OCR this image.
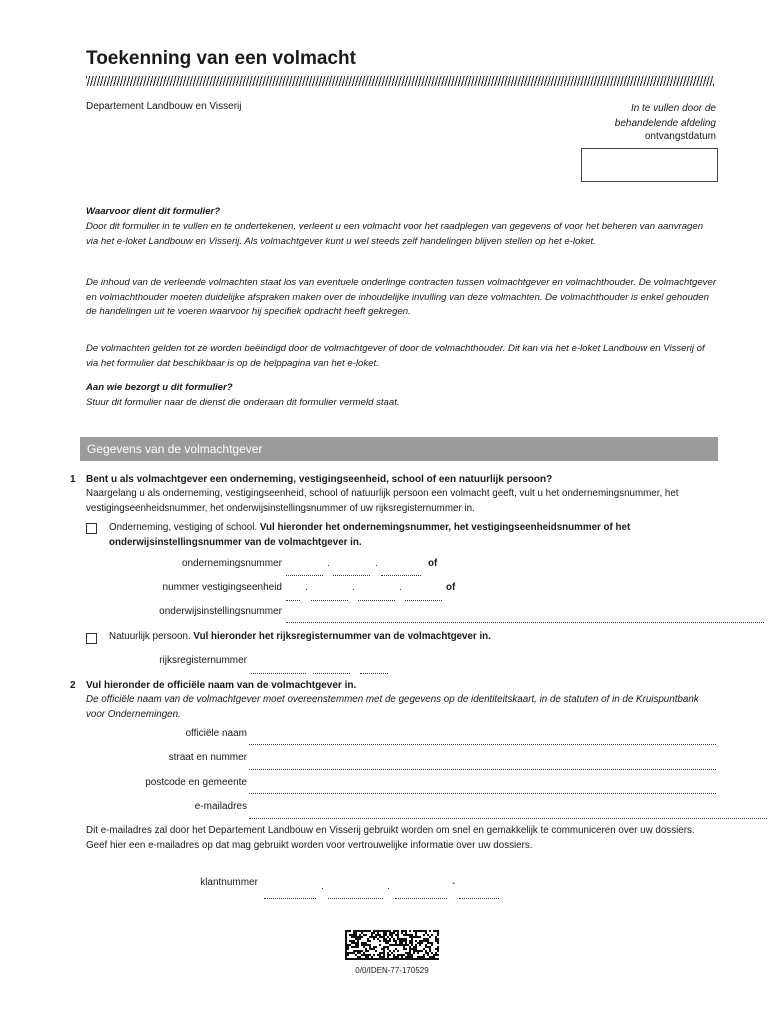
Toekenning van een volmacht
Departement Landbouw en Visserij	In te vullen door de
behandelende afdeling
ontvangstdatum

Waarvoor dient dit formulier?

Door dit formulier in te vullen en te ondertekenen, verleent u een volmacht voor het raadplegen van gegevens of voor het beheren van aanvragen via het e-loket Landbouw en Visserij. Als volmachtgever kunt u wel steeds zelf handelingen blijven stellen op het e-loket.

De inhoud van de verleende volmachten staat los van eventuele onderlinge contracten tussen volmachtgever en volmachthouder. De volmachtgever en volmachthouder moeten duidelijke afspraken maken over de inhoudelijke invulling van deze volmachten. De volmachthouder is enkel gehouden de handelingen uit te voeren waarvoor hij specifiek opdracht heeft gekregen.

De volmachten gelden tot ze worden beëindigd door de volmachtgever of door de volmachthouder. Dit kan via het e-loket Landbouw en Visserij of via het formulier dat beschikbaar is op de helppagina van het e-loket.

Aan wie bezorgt u dit formulier?

Stuur dit formulier naar de dienst die onderaan dit formulier vermeld staat.

Gegevens van de volmachtgever
1 Bent u als volmachtgever een onderneming, vestigingseenheid, school of een natuurlijk persoon?
Naargelang u als onderneming, vestigingseenheid, school of natuurlijk persoon een volmacht geeft, vult u het ondernemingsnummer, het vestigingseenheidsnummer, het onderwijsinstellingsnummer of uw rijksregisternummer in.
Onderneming, vestiging of school. Vul hieronder het ondernemingsnummer, het vestigingseenheidsnummer of het onderwijsinstellingsnummer van de volmachtgever in.
ondernemingsnummer	.	.	of
nummer vestigingseenheid .	.	.	of
onderwijsinstellingsnummer
Natuurlijk persoon. Vul hieronder het rijksregisternummer van de volmachtgever in.
rijksregisternummer
2 Vul hieronder de officiële naam van de volmachtgever in.
De officiële naam van de volmachtgever moet overeenstemmen met de gegevens op de identiteitskaart, in de statuten of in de Kruispuntbank voor Ondernemingen.
officiële naam
straat en nummer
postcode en gemeente
e-mailadres
Dit e-mailadres zal door het Departement Landbouw en Visserij gebruikt worden om snel en gemakkelijk te communiceren over uw dossiers. Geef hier een e-mailadres op dat mag gebruikt worden voor vertrouwelijke informatie over uw dossiers.
klantnummer	.	.	-
0/0/IDEN-77-170529
